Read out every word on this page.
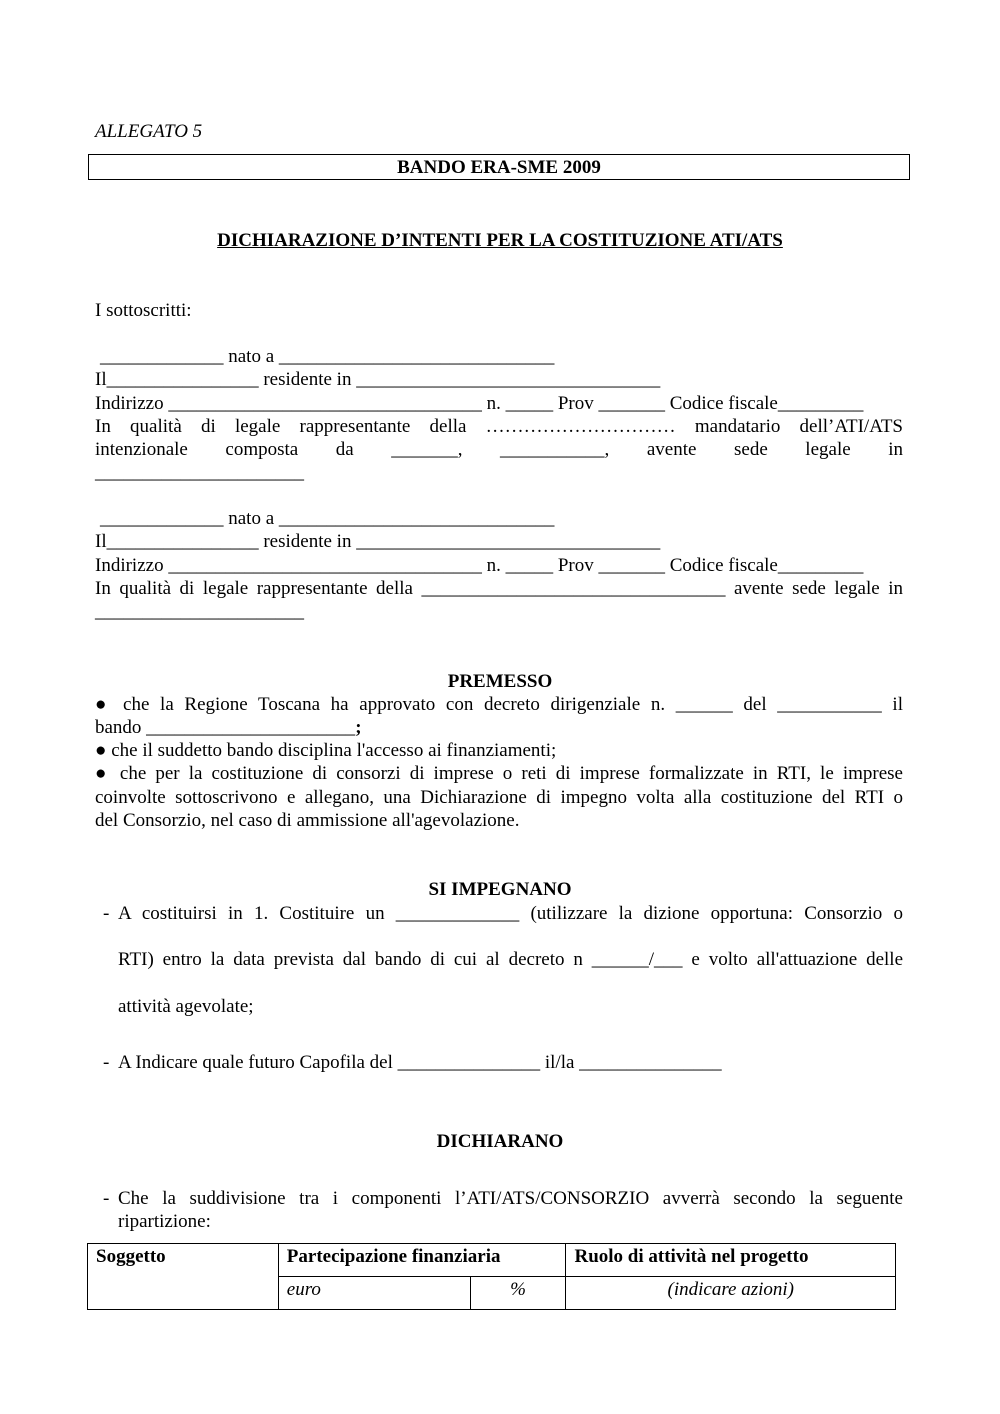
ALLEGATO 5
BANDO ERA-SME 2009
DICHIARAZIONE D’INTENTI PER LA COSTITUZIONE ATI/ATS
I sottoscritti:
_____________ nato a _____________________________
Il________________ residente in ________________________________
Indirizzo _________________________________ n. _____ Prov _______ Codice fiscale_________
In qualità di legale rappresentante della ………………………… mandatario dell’ATI/ATS
intenzionale composta da _______, ___________, avente sede legale in
______________________
_____________ nato a _____________________________
Il________________ residente in ________________________________
Indirizzo _________________________________ n. _____ Prov _______ Codice fiscale_________
In qualità di legale rappresentante della ________________________________ avente sede legale in
______________________
PREMESSO
● che la Regione Toscana ha approvato con decreto dirigenziale n. ______ del ___________ il
bando ______________________;
● che il suddetto bando disciplina l'accesso ai finanziamenti;
● che per la costituzione di consorzi di imprese o reti di imprese formalizzate in RTI, le imprese
coinvolte sottoscrivono e allegano, una Dichiarazione di impegno volta alla costituzione del RTI o
del Consorzio, nel caso di ammissione all'agevolazione.
SI IMPEGNANO
- A costituirsi in 1. Costituire un _____________ (utilizzare la dizione opportuna: Consorzio o
RTI) entro la data prevista dal bando di cui al decreto n ______/___ e volto all'attuazione delle
attività agevolate;
- A Indicare quale futuro Capofila del _______________ il/la _______________
DICHIARANO
- Che la suddivisione tra i componenti l’ATI/ATS/CONSORZIO avverrà secondo la seguente
ripartizione:
Soggetto	Partecipazione finanziaria		Ruolo di attività nel progetto
	euro	%	(indicare azioni)
